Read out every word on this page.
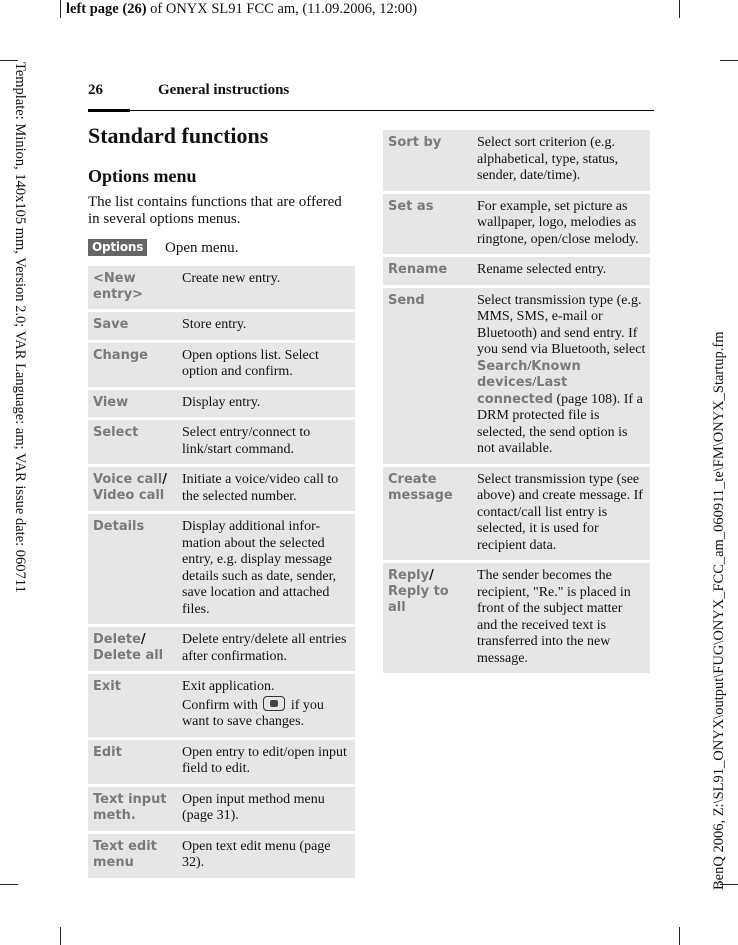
left page (26) of ONYX SL91 FCC am, (11.09.2006, 12:00)
Template: Minion, 140x105 mm, Version 2.0; VAR Language: am; VAR issue date: 060711
BenQ 2006, Z:\SL91_ONYX\output\FUG\ONYX_FCC_am_060911_te\FM\ONYX_Startup.fm
26	General instructions
Standard functions
Options menu
The list contains functions that are offered in several options menus.
Options Open menu.
<New entry>	Create new entry.
Save	Store entry.
Change	Open options list. Select option and confirm.
View	Display entry.
Select	Select entry/connect to link/start command.
Voice call/
Video call	Initiate a voice/video call to the selected number.
Details	Display additional infor-mation about the selected entry, e.g. display message details such as date, sender, save location and attached files.
Delete/
Delete all	Delete entry/delete all entries after confirmation.
Exit	Exit application.
Confirm with if you want to save changes.
Edit	Open entry to edit/open input field to edit.
Text input meth.	Open input method menu (page 31).
Text edit menu	Open text edit menu (page 32).
Sort by	Select sort criterion (e.g. alphabetical, type, status, sender, date/time).
Set as	For example, set picture as wallpaper, logo, melodies as ringtone, open/close melody.
Rename	Rename selected entry.
Send	Select transmission type (e.g. MMS, SMS, e-mail or Bluetooth) and send entry. If you send via Bluetooth, select Search/Known devices/Last connected (page 108). If a DRM protected file is selected, the send option is not available.
Create message	Select transmission type (see above) and create message. If contact/call list entry is selected, it is used for recipient data.
Reply/
Reply to all	The sender becomes the recipient, "Re." is placed in front of the subject matter and the received text is transferred into the new message.
